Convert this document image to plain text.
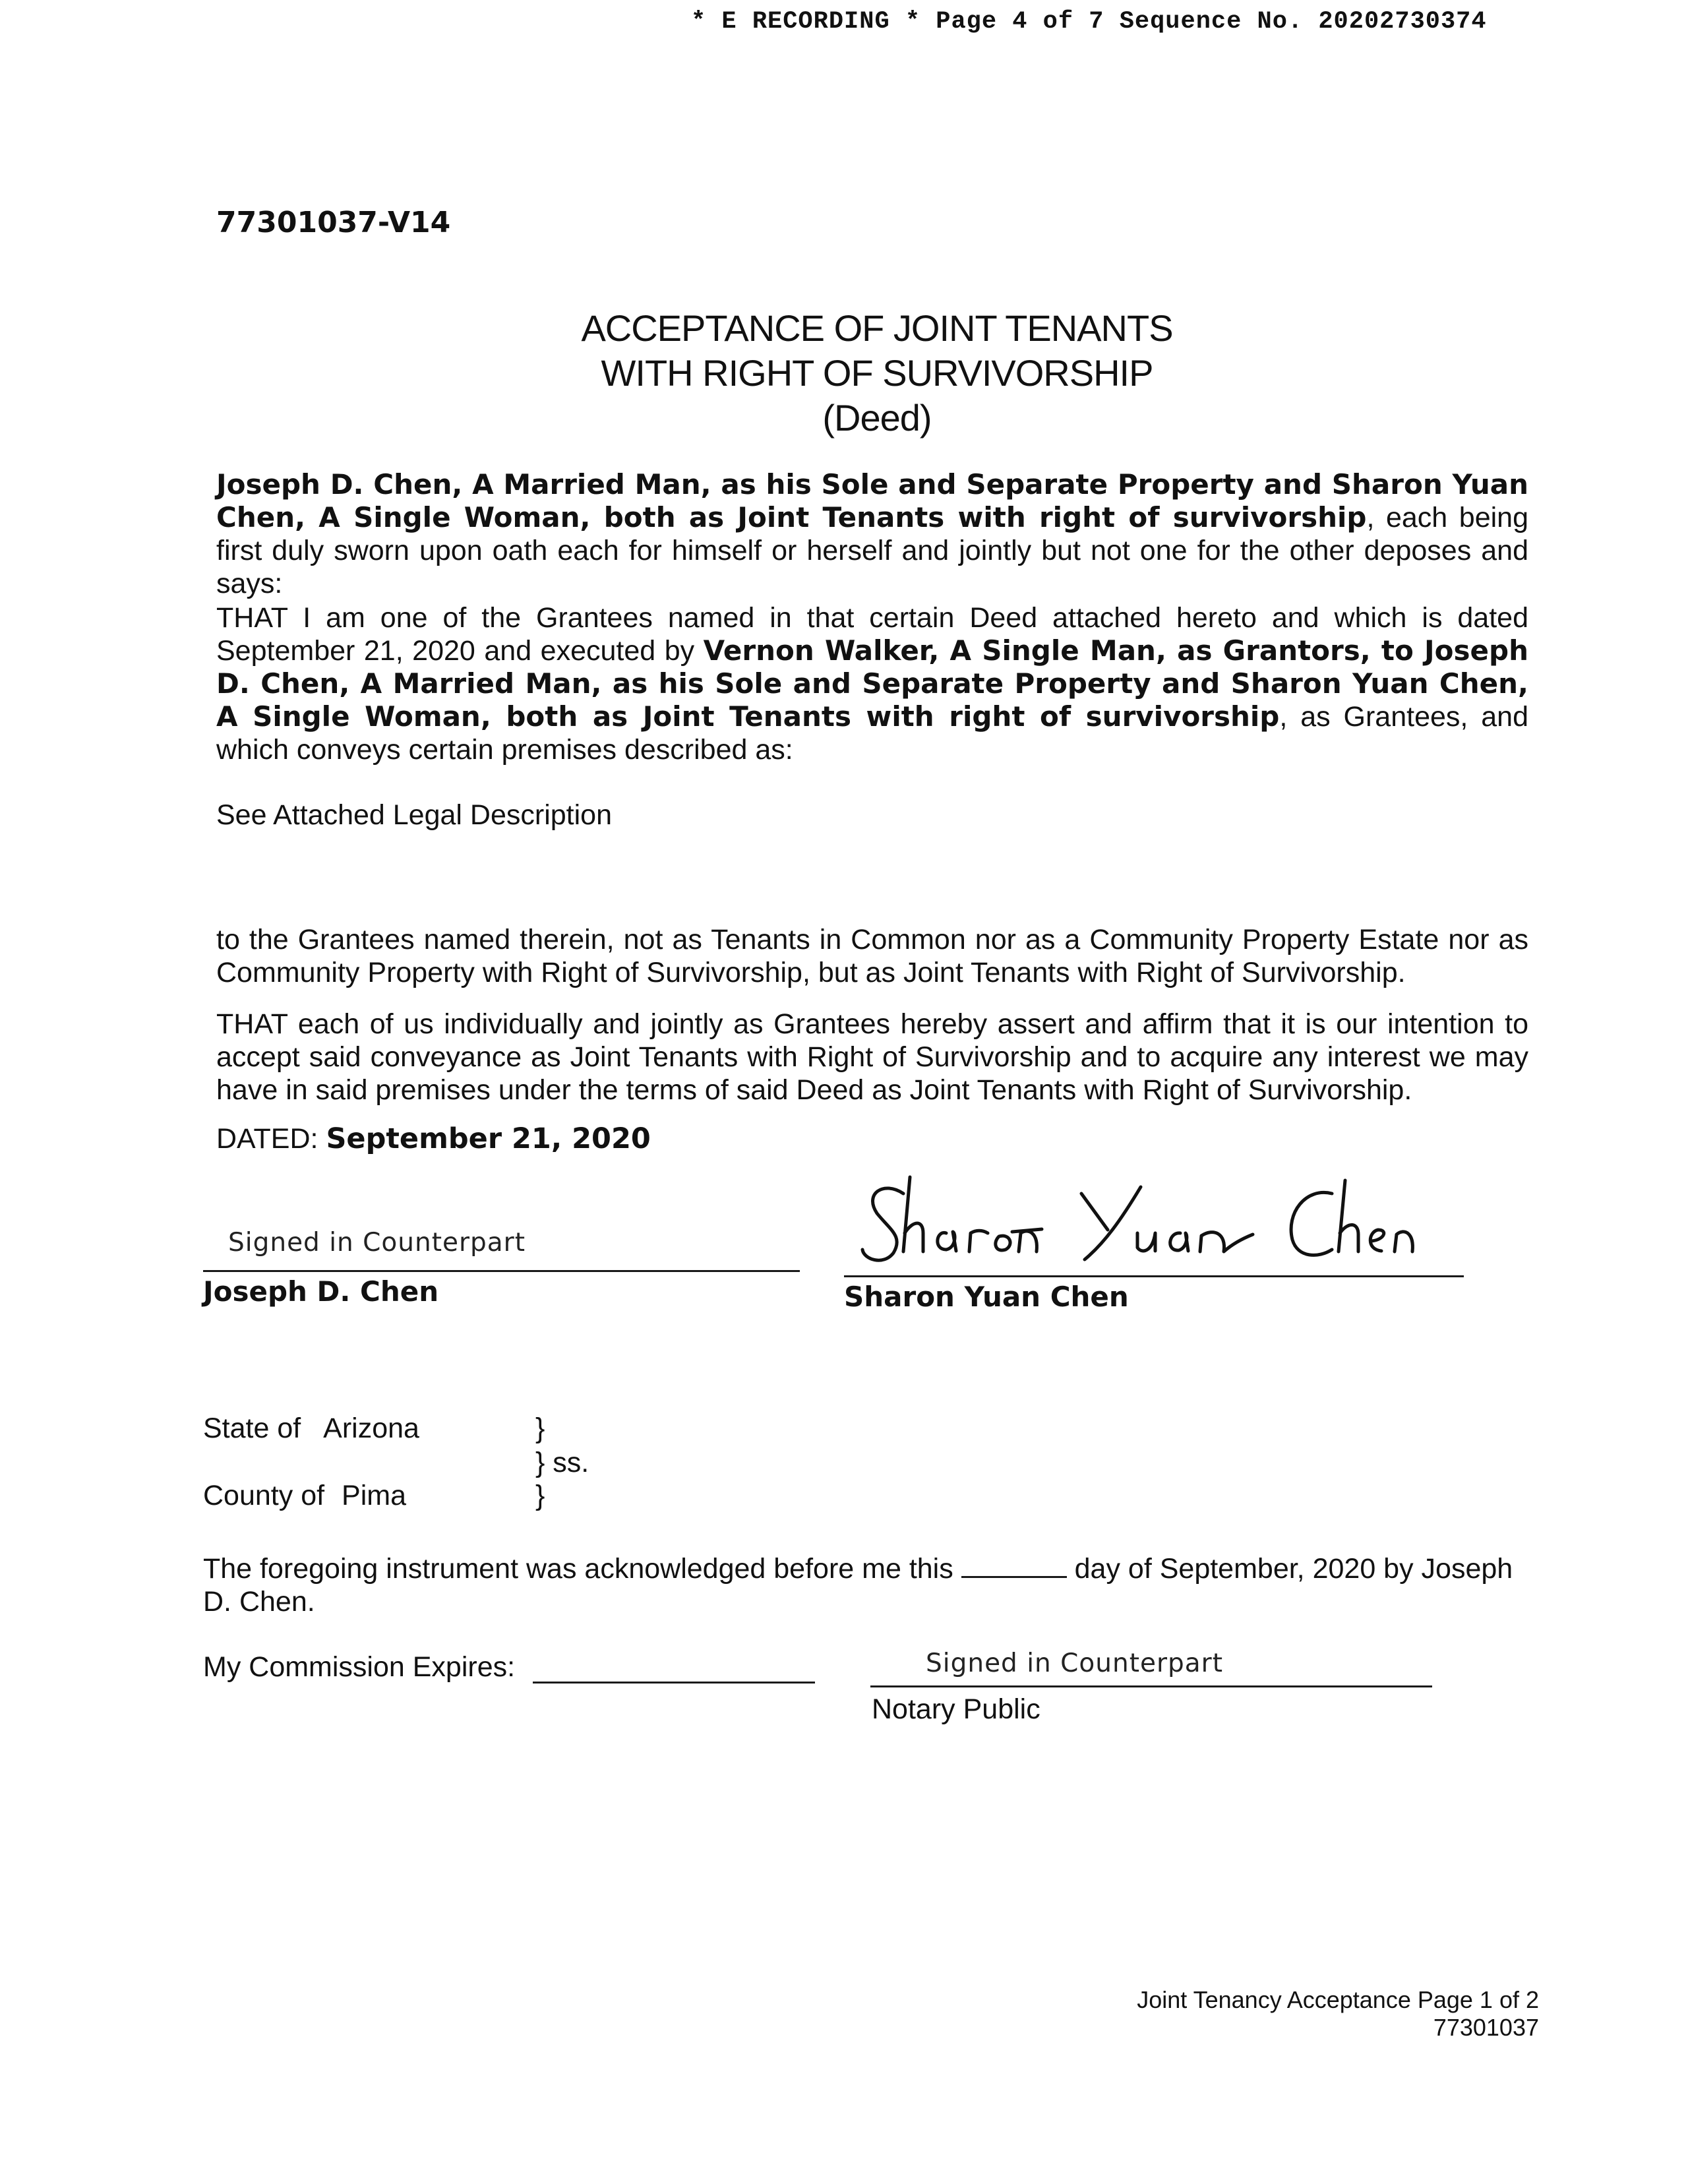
* E RECORDING * Page 4 of 7 Sequence No. 20202730374
77301037-V14
ACCEPTANCE OF JOINT TENANTS
WITH RIGHT OF SURVIVORSHIP
(Deed)
Joseph D. Chen, A Married Man, as his Sole and Separate Property and Sharon Yuan Chen, A Single Woman, both as Joint Tenants with right of survivorship, each being first duly sworn upon oath each for himself or herself and jointly but not one for the other deposes and says:
THAT I am one of the Grantees named in that certain Deed attached hereto and which is dated September 21, 2020 and executed by Vernon Walker, A Single Man, as Grantors, to Joseph D. Chen, A Married Man, as his Sole and Separate Property and Sharon Yuan Chen, A Single Woman, both as Joint Tenants with right of survivorship, as Grantees, and which conveys certain premises described as:
See Attached Legal Description
to the Grantees named therein, not as Tenants in Common nor as a Community Property Estate nor as Community Property with Right of Survivorship, but as Joint Tenants with Right of Survivorship.
THAT each of us individually and jointly as Grantees hereby assert and affirm that it is our intention to accept said conveyance as Joint Tenants with Right of Survivorship and to acquire any interest we may have in said premises under the terms of said Deed as Joint Tenants with Right of Survivorship.
DATED: September 21, 2020
Signed in Counterpart
Joseph D. Chen
Sharon Yuan Chen
Sharon Yuan Chen
State of Arizona	}
} ss.
}
County of Pima
The foregoing instrument was acknowledged before me this	day of September, 2020 by Joseph D. Chen.
My Commission Expires:	Signed in Counterpart
Notary Public
Joint Tenancy Acceptance Page 1 of 2
77301037
